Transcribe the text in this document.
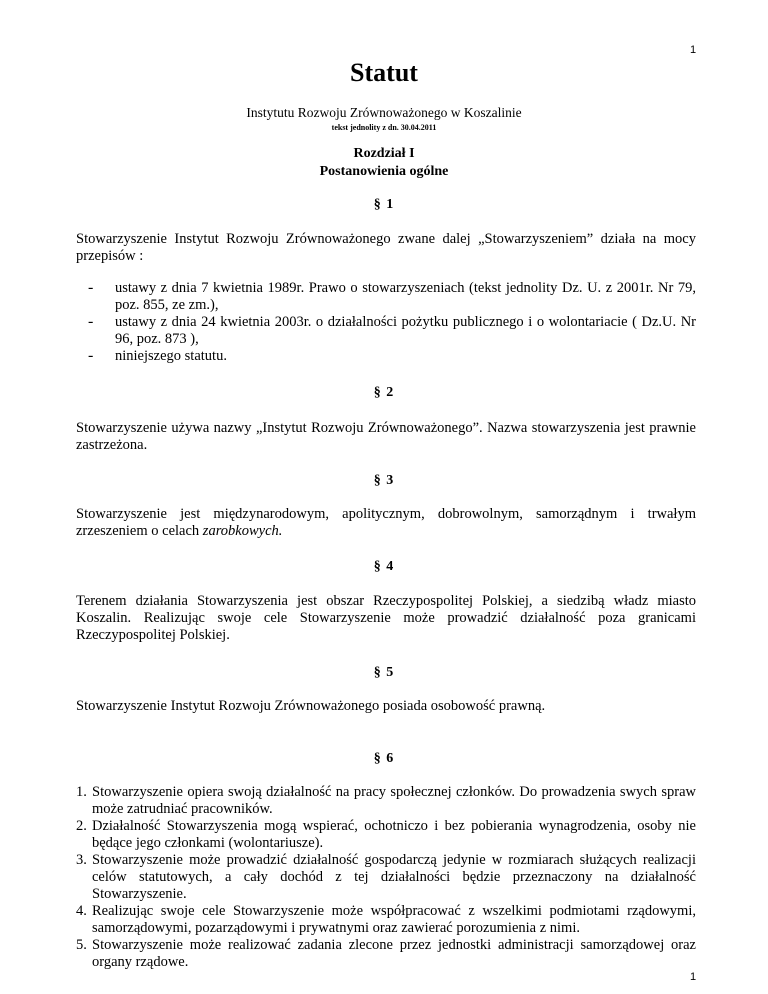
1
Statut
Instytutu Rozwoju Zrównoważonego w Koszalinie
tekst jednolity z dn. 30.04.2011
Rozdział I
Postanowienia ogólne
§ 1
Stowarzyszenie Instytut Rozwoju Zrównoważonego zwane dalej „Stowarzyszeniem” działa na mocy przepisów :
- ustawy z dnia 7 kwietnia 1989r. Prawo o stowarzyszeniach (tekst jednolity Dz. U. z 2001r. Nr 79, poz. 855, ze zm.),
- ustawy z dnia 24 kwietnia 2003r. o działalności pożytku publicznego i o wolontariacie ( Dz.U. Nr 96, poz. 873 ),
- niniejszego statutu.
§ 2
Stowarzyszenie używa nazwy „Instytut Rozwoju Zrównoważonego”. Nazwa stowarzyszenia jest prawnie zastrzeżona.
§ 3
Stowarzyszenie jest międzynarodowym, apolitycznym, dobrowolnym, samorządnym i trwałym zrzeszeniem o celach zarobkowych.
§ 4
Terenem działania Stowarzyszenia jest obszar Rzeczypospolitej Polskiej, a siedzibą władz miasto Koszalin. Realizując swoje cele Stowarzyszenie może prowadzić działalność poza granicami Rzeczypospolitej Polskiej.
§ 5
Stowarzyszenie Instytut Rozwoju Zrównoważonego posiada osobowość prawną.
§ 6
1. Stowarzyszenie opiera swoją działalność na pracy społecznej członków. Do prowadzenia swych spraw może zatrudniać pracowników.
2. Działalność Stowarzyszenia mogą wspierać, ochotniczo i bez pobierania wynagrodzenia, osoby nie będące jego członkami (wolontariusze).
3. Stowarzyszenie może prowadzić działalność gospodarczą jedynie w rozmiarach służących realizacji celów statutowych, a cały dochód z tej działalności będzie przeznaczony na działalność Stowarzyszenie.
4. Realizując swoje cele Stowarzyszenie może współpracować z wszelkimi podmiotami rządowymi, samorządowymi, pozarządowymi i prywatnymi oraz zawierać porozumienia z nimi.
5. Stowarzyszenie może realizować zadania zlecone przez jednostki administracji samorządowej oraz organy rządowe.
1
